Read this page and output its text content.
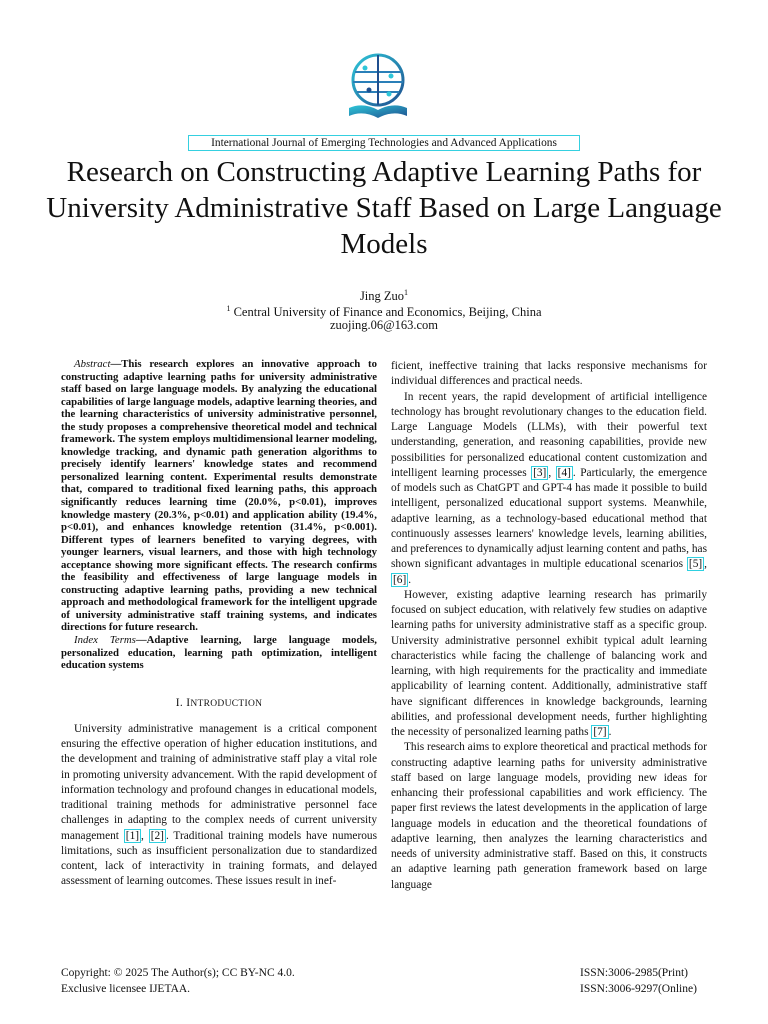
International Journal of Emerging Technologies and Advanced Applications
Research on Constructing Adaptive Learning Paths for University Administrative Staff Based on Large Language Models
Jing Zuo$^1$
$^1$ Central University of Finance and Economics, Beijing, China
zuojing.06@163.com

Abstract—This research explores an innovative approach to constructing adaptive learning paths for university administrative staff based on large language models. By analyzing the educational capabilities of large language models, adaptive learning theories, and the learning characteristics of university administrative personnel, the study proposes a comprehensive theoretical model and technical framework. The system employs multidimensional learner modeling, knowledge tracking, and dynamic path generation algorithms to precisely identify learners' knowledge states and recommend personalized learning content. Experimental results demonstrate that, compared to traditional fixed learning paths, this approach significantly reduces learning time (20.0%, p<0.01), improves knowledge mastery (20.3%, p<0.01) and application ability (19.4%, p<0.01), and enhances knowledge retention (31.4%, p<0.001). Different types of learners benefited to varying degrees, with younger learners, visual learners, and those with high technology acceptance showing more significant effects. The research confirms the feasibility and effectiveness of large language models in constructing adaptive learning paths, providing a new technical approach and methodological framework for the intelligent upgrade of university administrative staff training systems, and indicates directions for future research.

Index Terms—Adaptive learning, large language models, personalized education, learning path optimization, intelligent education systems

I. INTRODUCTION

University administrative management is a critical component ensuring the effective operation of higher education institutions, and the development and training of administrative staff play a vital role in promoting university advancement. With the rapid development of information technology and profound changes in educational models, traditional training methods for administrative personnel face challenges in adapting to the complex needs of current university management [1] , [2] . Traditional training models have numerous limitations, such as insufficient personalization due to standardized content, lack of interactivity in training formats, and delayed assessment of learning outcomes. These issues result in inef-

ficient, ineffective training that lacks responsive mechanisms for individual differences and practical needs.

In recent years, the rapid development of artificial intelligence technology has brought revolutionary changes to the education field. Large Language Models (LLMs), with their powerful text understanding, generation, and reasoning capabilities, provide new possibilities for personalized educational content customization and intelligent learning processes [3] , [4] . Particularly, the emergence of models such as ChatGPT and GPT-4 has made it possible to build intelligent, personalized educational support systems. Meanwhile, adaptive learning, as a technology-based educational method that continuously assesses learners' knowledge levels, learning abilities, and preferences to dynamically adjust learning content and paths, has shown significant advantages in multiple educational scenarios [5] , [6] .

However, existing adaptive learning research has primarily focused on subject education, with relatively few studies on adaptive learning paths for university administrative staff as a specific group. University administrative personnel exhibit typical adult learning characteristics while facing the challenge of balancing work and learning, with high requirements for the practicality and immediate applicability of learning content. Additionally, administrative staff have significant differences in knowledge backgrounds, learning abilities, and professional development needs, further highlighting the necessity of personalized learning paths [7] .

This research aims to explore theoretical and practical methods for constructing adaptive learning paths for university administrative staff based on large language models, providing new ideas for enhancing their professional capabilities and work efficiency. The paper first reviews the latest developments in the application of large language models in education and the theoretical foundations of adaptive learning, then analyzes the learning characteristics and needs of university administrative staff. Based on this, it constructs an adaptive learning path generation framework based on large language

Copyright: © 2025 The Author(s); CC BY-NC 4.0.
Exclusive licensee IJETAA.
ISSN:3006-2985(Print)
ISSN:3006-9297(Online)
